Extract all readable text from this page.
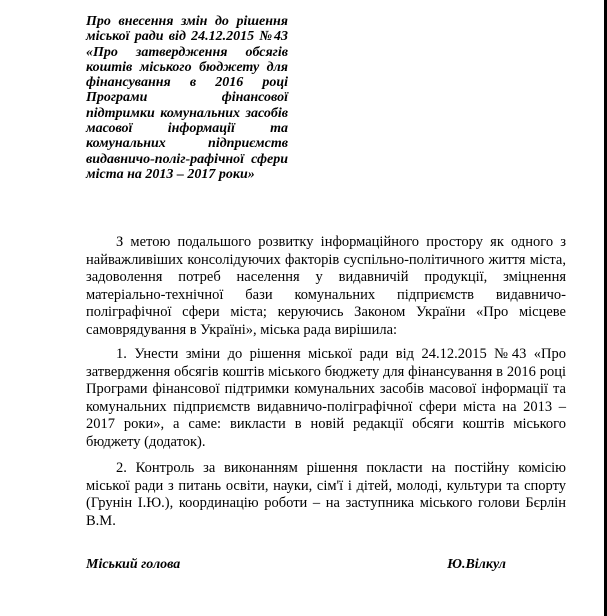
Про внесення змін до рішення міської ради від 24.12.2015 №43 «Про затвердження обсягів коштів міського бюджету для фінансування в 2016 році Програми фінансової підтримки комунальних засобів масової інформації та комунальних підприємств видавничо-поліг-рафічної сфери міста на 2013 – 2017 роки»

З метою подальшого розвитку інформаційного простору як одного з найважливіших консолідуючих факторів суспільно-політичного життя міста, задоволення потреб населення у видавничій продукції, зміцнення матеріально-технічної бази комунальних підприємств видавничо-поліграфічної сфери міста; керуючись Законом України «Про місцеве самоврядування в Україні», міська рада вирішила:

1. Унести зміни до рішення міської ради від 24.12.2015 №43 «Про затвердження обсягів коштів міського бюджету для фінансування в 2016 році Програми фінансової підтримки комунальних засобів масової інформації та комунальних підприємств видавничо-поліграфічної сфери міста на 2013 – 2017 роки», а саме: викласти в новій редакції обсяги коштів міського бюджету (додаток).

2. Контроль за виконанням рішення покласти на постійну комісію міської ради з питань освіти, науки, сім'ї і дітей, молоді, культури та спорту (Грунін І.Ю.), координацію роботи – на заступника міського голови Бєрлін В.М.

Міський голова	Ю.Вілкул
